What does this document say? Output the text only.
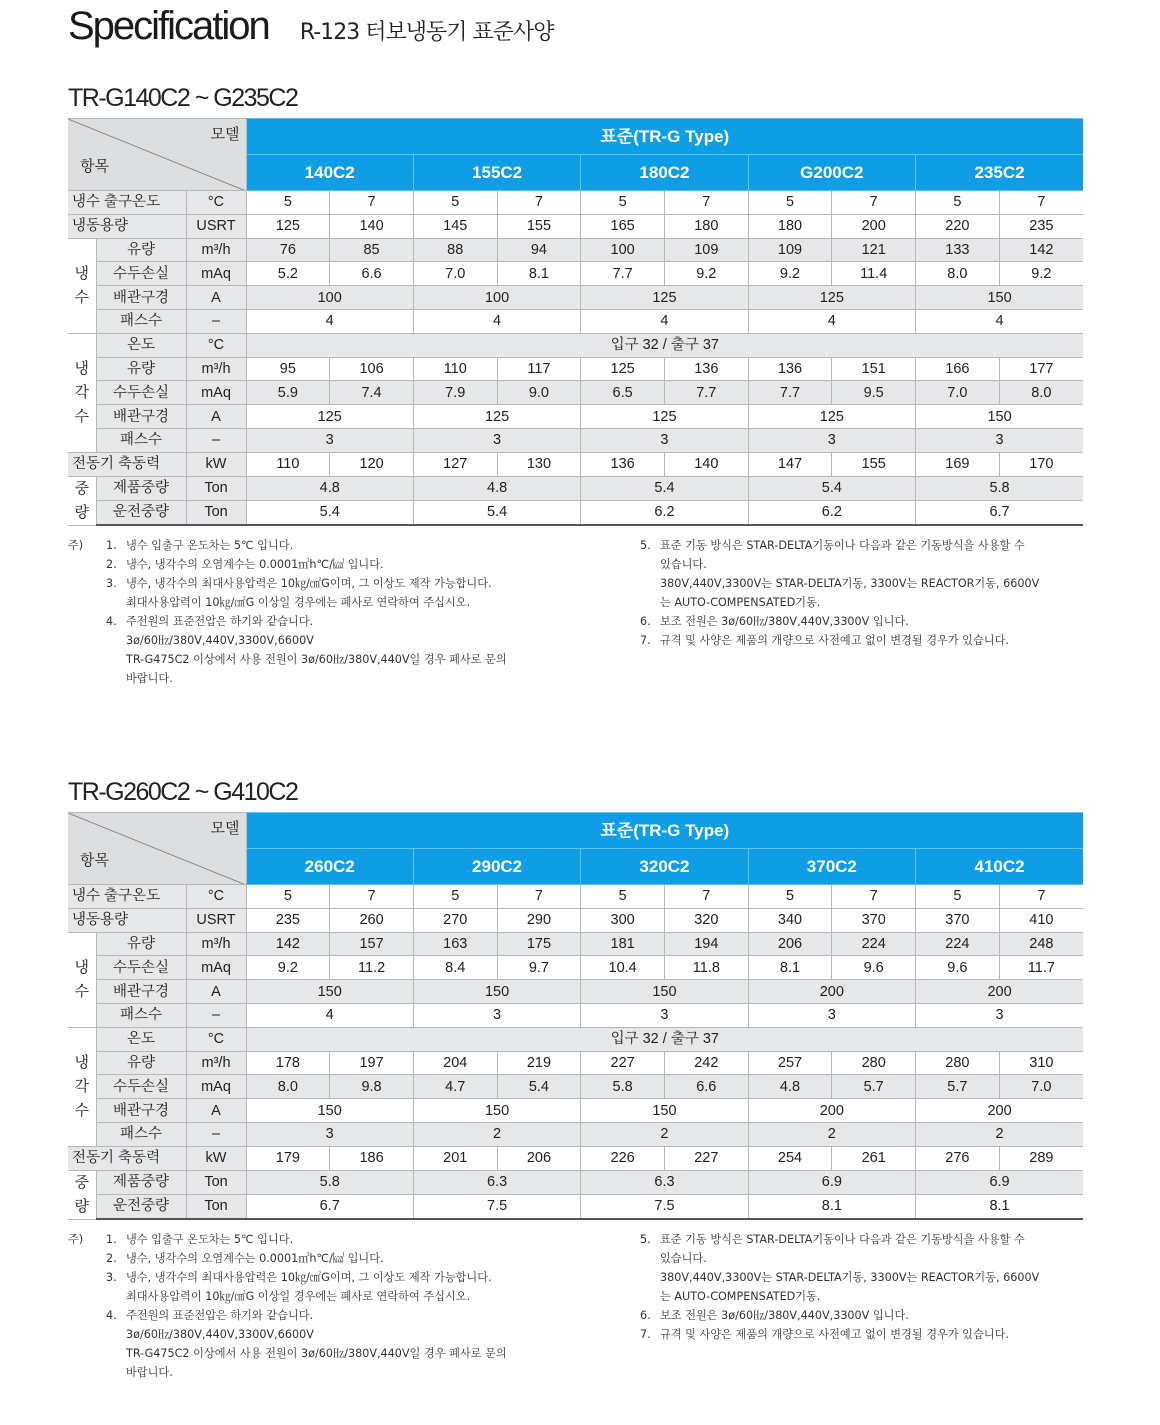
Specification R-123 터보냉동기 표준사양
TR-G140C2 ~ G235C2
모델
항목			표준(TR-G Type)									
			140C2		155C2		180C2		G200C2		235C2	
냉수 출구온도		°C	5	7	5	7	5	7	5	7	5	7
냉동용량		USRT	125	140	145	155	165	180	180	200	220	235
냉 수	유량	m³/h	76	85	88	94	100	109	109	121	133	142
	수두손실	mAq	5.2	6.6	7.0	8.1	7.7	9.2	9.2	11.4	8.0	9.2
	배관구경	A	100		100		125		125		150	
	패스수	–	4		4		4		4		4	
냉 각 수	온도	°C	입구 32 / 출구 37									
	유량	m³/h	95	106	110	117	125	136	136	151	166	177
	수두손실	mAq	5.9	7.4	7.9	9.0	6.5	7.7	7.7	9.5	7.0	8.0
	배관구경	A	125		125		125		125		150	
	패스수	–	3		3		3		3		3	
전동기 축동력		kW	110	120	127	130	136	140	147	155	169	170
중 량	제품중량	Ton	4.8		4.8		5.4		5.4		5.8	
	운전중량	Ton	5.4		5.4		6.2		6.2		6.7	
주) 1. 냉수 입출구 온도차는 5℃ 입니다.
2. 냉수, 냉각수의 오염계수는 0.0001㎡h℃/㎉ 입니다.
3. 냉수, 냉각수의 최대사용압력은 10㎏/㎠G이며, 그 이상도 제작 가능합니다.
최대사용압력이 10㎏/㎠G 이상일 경우에는 폐사로 연락하여 주십시오.
4. 주전원의 표준전압은 하기와 같습니다.
3ø/60㎐/380V,440V,3300V,6600V
TR-G475C2 이상에서 사용 전원이 3ø/60㎐/380V,440V일 경우 폐사로 문의
바랍니다.
5. 표준 기동 방식은 STAR-DELTA기동이나 다음과 같은 기동방식을 사용할 수
있습니다.
380V,440V,3300V는 STAR-DELTA기동, 3300V는 REACTOR기동, 6600V
는 AUTO-COMPENSATED기동.
6. 보조 전원은 3ø/60㎐/380V,440V,3300V 입니다.
7. 규격 및 사양은 제품의 개량으로 사전예고 없이 변경될 경우가 있습니다.
TR-G260C2 ~ G410C2
모델
항목			표준(TR-G Type)									
			260C2		290C2		320C2		370C2		410C2	
냉수 출구온도		°C	5	7	5	7	5	7	5	7	5	7
냉동용량		USRT	235	260	270	290	300	320	340	370	370	410
냉 수	유량	m³/h	142	157	163	175	181	194	206	224	224	248
	수두손실	mAq	9.2	11.2	8.4	9.7	10.4	11.8	8.1	9.6	9.6	11.7
	배관구경	A	150		150		150		200		200	
	패스수	–	4		3		3		3		3	
냉 각 수	온도	°C	입구 32 / 출구 37									
	유량	m³/h	178	197	204	219	227	242	257	280	280	310
	수두손실	mAq	8.0	9.8	4.7	5.4	5.8	6.6	4.8	5.7	5.7	7.0
	배관구경	A	150		150		150		200		200	
	패스수	–	3		2		2		2		2	
전동기 축동력		kW	179	186	201	206	226	227	254	261	276	289
중 량	제품중량	Ton	5.8		6.3		6.3		6.9		6.9	
	운전중량	Ton	6.7		7.5		7.5		8.1		8.1	
주) 1. 냉수 입출구 온도차는 5℃ 입니다.
2. 냉수, 냉각수의 오염계수는 0.0001㎡h℃/㎉ 입니다.
3. 냉수, 냉각수의 최대사용압력은 10㎏/㎠G이며, 그 이상도 제작 가능합니다.
최대사용압력이 10㎏/㎠G 이상일 경우에는 폐사로 연락하여 주십시오.
4. 주전원의 표준전압은 하기와 같습니다.
3ø/60㎐/380V,440V,3300V,6600V
TR-G475C2 이상에서 사용 전원이 3ø/60㎐/380V,440V일 경우 폐사로 문의
바랍니다.
5. 표준 기동 방식은 STAR-DELTA기동이나 다음과 같은 기동방식을 사용할 수
있습니다.
380V,440V,3300V는 STAR-DELTA기동, 3300V는 REACTOR기동, 6600V
는 AUTO-COMPENSATED기동.
6. 보조 전원은 3ø/60㎐/380V,440V,3300V 입니다.
7. 규격 및 사양은 제품의 개량으로 사전예고 없이 변경될 경우가 있습니다.
